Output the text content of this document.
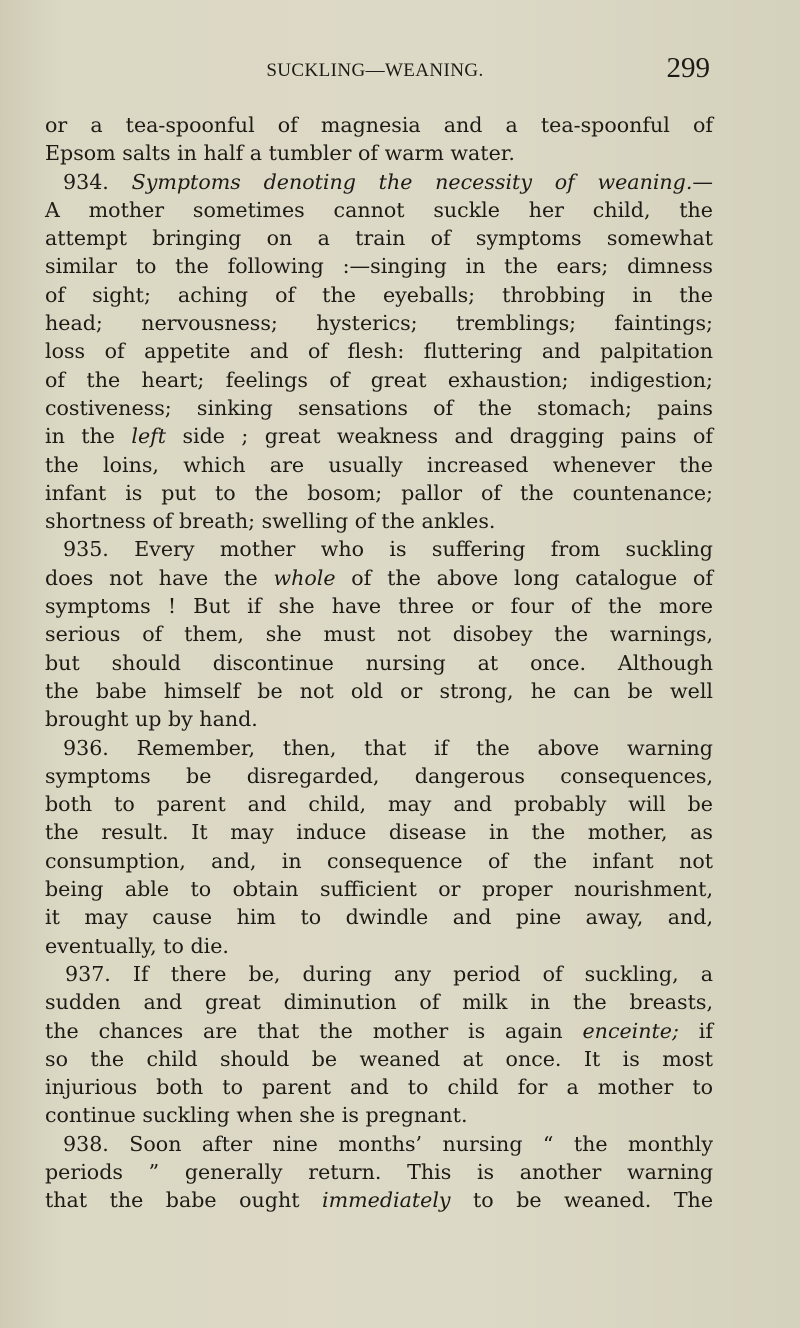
SUCKLING—WEANING.	299
or a tea-spoonful of magnesia and a tea-spoonful of
Epsom salts in half a tumbler of warm water.
934. Symptoms denoting the necessity of weaning.—
A mother sometimes cannot suckle her child, the
attempt bringing on a train of symptoms somewhat
similar to the following :—singing in the ears; dimness
of sight; aching of the eyeballs; throbbing in the
head; nervousness; hysterics; tremblings; faintings;
loss of appetite and of flesh: fluttering and palpitation
of the heart; feelings of great exhaustion; indigestion;
costiveness; sinking sensations of the stomach; pains
in the left side ; great weakness and dragging pains of
the loins, which are usually increased whenever the
infant is put to the bosom; pallor of the countenance;
shortness of breath; swelling of the ankles.
935. Every mother who is suffering from suckling
does not have the whole of the above long catalogue of
symptoms ! But if she have three or four of the more
serious of them, she must not disobey the warnings,
but should discontinue nursing at once. Although
the babe himself be not old or strong, he can be well
brought up by hand.
936. Remember, then, that if the above warning
symptoms be disregarded, dangerous consequences,
both to parent and child, may and probably will be
the result. It may induce disease in the mother, as
consumption, and, in consequence of the infant not
being able to obtain sufficient or proper nourishment,
it may cause him to dwindle and pine away, and,
eventually, to die.
937. If there be, during any period of suckling, a
sudden and great diminution of milk in the breasts,
the chances are that the mother is again enceinte; if
so the child should be weaned at once. It is most
injurious both to parent and to child for a mother to
continue suckling when she is pregnant.
938. Soon after nine months’ nursing “ the monthly
periods ” generally return. This is another warning
that the babe ought immediately to be weaned. The
